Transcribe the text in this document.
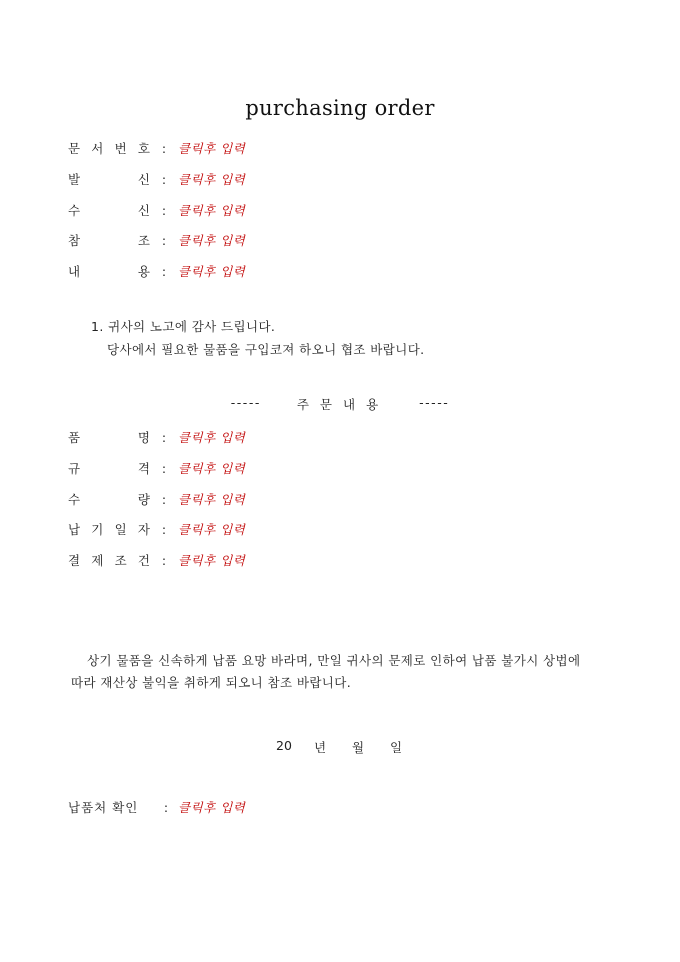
purchasing order
문 서 번 호 : 클릭후 입력
발	신 : 클릭후 입력
수	신 : 클릭후 입력
참	조 : 클릭후 입력
내	용 : 클릭후 입력
1. 귀사의 노고에 감사 드립니다.
당사에서 필요한 물품을 구입코져 하오니 협조 바랍니다.
-----	주문내용 -----
품	명 : 클릭후 입력
규	격 : 클릭후 입력
수	량 : 클릭후 입력
납 기 일 자 : 클릭후 입력
결 제 조 건 : 클릭후 입력
상기 물품을 신속하게 납품 요망 바라며, 만일 귀사의 문제로 인하여 납품 불가시 상법에
따라 재산상 불익을 취하게 되오니 참조 바랍니다.
20 년 월 일
납품처 확인	: 클릭후 입력
